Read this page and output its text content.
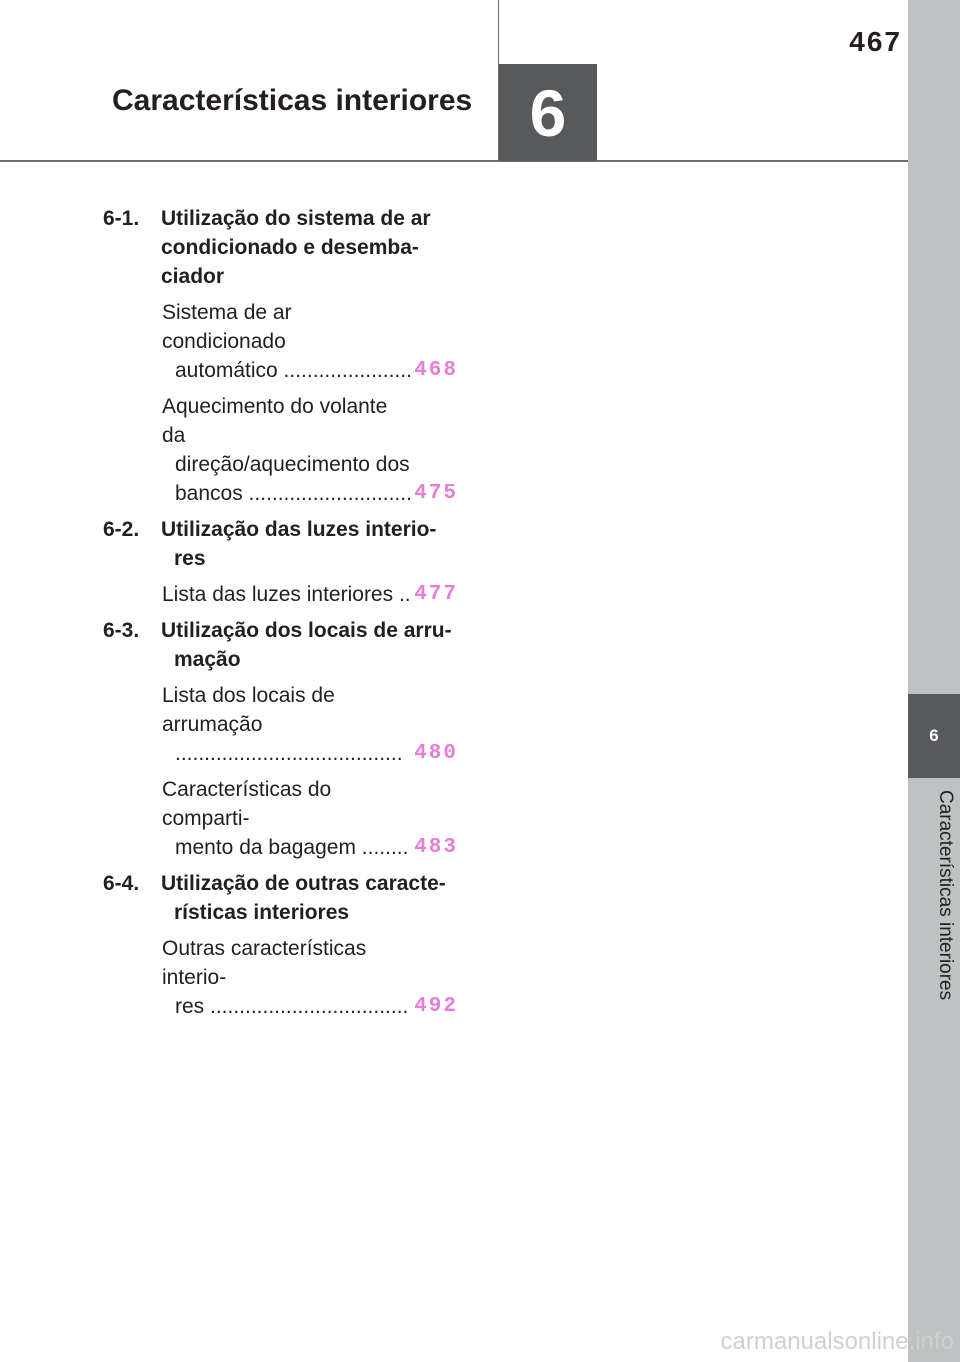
467
Características interiores 6
6
Características interiores
6-1.	Utilização do sistema de ar
condicionado e desemba-
ciador
Sistema de ar condicionado
automático ...................... 468
Aquecimento do volante da
direção/aquecimento dos
bancos ............................ 475
6-2.	Utilização das luzes interio-
res
Lista das luzes interiores .. 477
6-3.	Utilização dos locais de arru-
mação
Lista dos locais de arrumação
....................................... 480
Características do comparti-
mento da bagagem ........ 483
6-4.	Utilização de outras caracte-
rísticas interiores
Outras características interio-
res .................................. 492
carmanualsonline.info
